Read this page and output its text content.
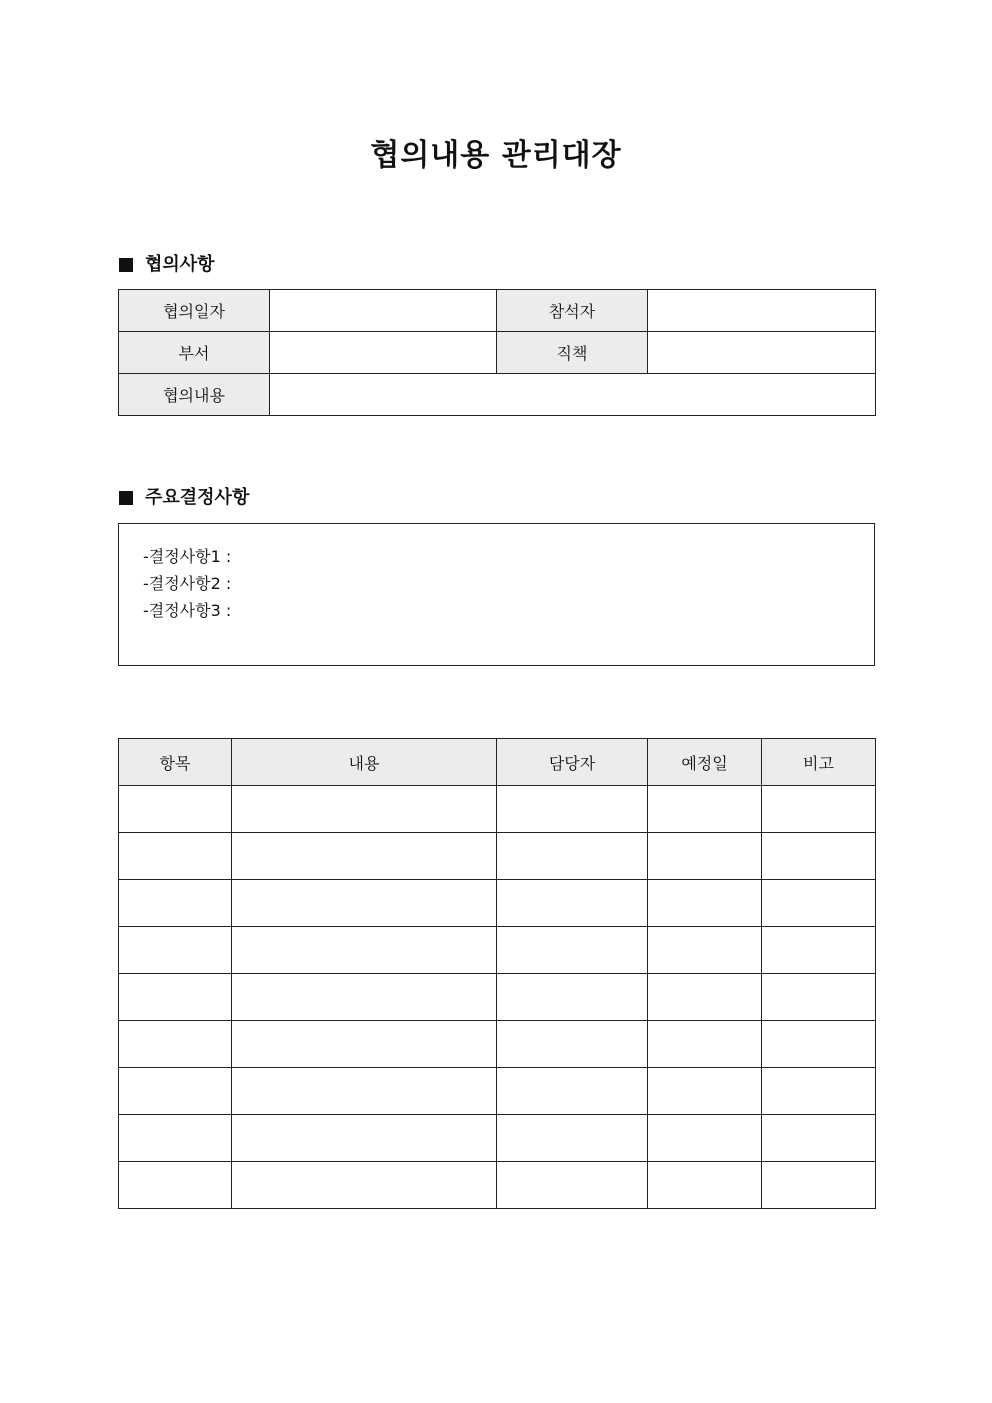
협의내용 관리대장
협의사항
협의일자		참석자	
부서		직책	
협의내용			
주요결정사항
-결정사항1 :
-결정사항2 :
-결정사항3 :
항목	내용	담당자	예정일	비고
